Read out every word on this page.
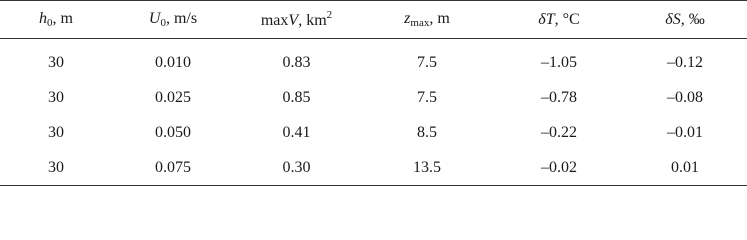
$h_0$, m	$U_0$, m/s	maxV, $km^2$	$z_{max}$, m	δT, °C	δS, ‰
30	0.010	0.83	7.5	–1.05	–0.12
30	0.025	0.85	7.5	–0.78	–0.08
30	0.050	0.41	8.5	–0.22	–0.01
30	0.075	0.30	13.5	–0.02	0.01
